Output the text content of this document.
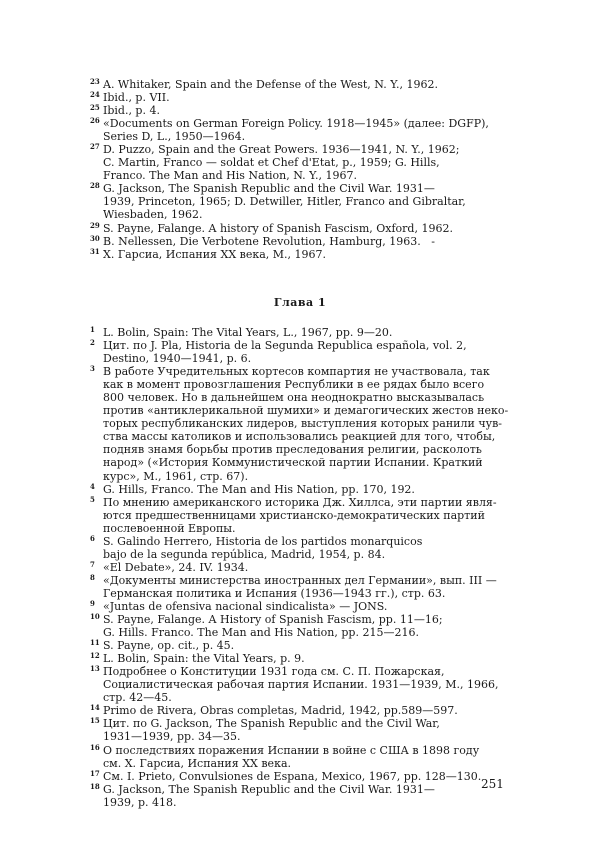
23 A. Whitaker, Spain and the Defense of the West, N. Y., 1962.
24 Ibid., p. VII.
25 Ibid., p. 4.
26 «Documents on German Foreign Policy. 1918—1945» (далее: DGFP),
Series D, L., 1950—1964.
27 D. Puzzo, Spain and the Great Powers. 1936—1941, N. Y., 1962;
C. Martin, Franco — soldat et Chef d'Etat, p., 1959; G. Hills,
Franco. The Man and His Nation, N. Y., 1967.
28 G. Jackson, The Spanish Republic and the Civil War. 1931—
1939, Princeton, 1965; D. Detwiller, Hitler, Franco and Gibraltar,
Wiesbaden, 1962.
29 S. Payne, Falange. A history of Spanish Fascism, Oxford, 1962.
30 B. Nellessen, Die Verbotene Revolution, Hamburg, 1963.   -
31 Х. Гарсиа, Испания XX века, М., 1967.
Глава 1
1 L. Bolin, Spain: The Vital Years, L., 1967, pp. 9—20.
2 Цит. по J. Pla, Historia de la Segunda Republica española, vol. 2,
Destino, 1940—1941, p. 6.
3 В работе Учредительных кортесов компартия не участвовала, так
как в момент провозглашения Республики в ее рядах было всего
800 человек. Но в дальнейшем она неоднократно высказывалась
против «антиклерикальной шумихи» и демагогических жестов неко-
торых республиканских лидеров, выступления которых ранили чув-
ства массы католиков и использовались реакцией для того, чтобы,
подняв знамя борьбы против преследования религии, расколоть
народ» («История Коммунистической партии Испании. Краткий
курс», М., 1961, стр. 67).
4 G. Hills, Franco. The Man and His Nation, pp. 170, 192.
5 По мнению американского историка Дж. Хиллса, эти партии явля-
ются предшественницами христианско-демократических партий
послевоенной Европы.
6 S. Galindo Herrero, Historia de los partidos monarquicos
bajo de la segunda república, Madrid, 1954, p. 84.
7 «El Debate», 24. IV. 1934.
8 «Документы министерства иностранных дел Германии», вып. III —
Германская политика и Испания (1936—1943 гг.), стр. 63.
9 «Juntas de ofensiva nacional sindicalista» — JONS.
10 S. Payne, Falange. A History of Spanish Fascism, pp. 11—16;
G. Hills. Franco. The Man and His Nation, pp. 215—216.
11 S. Payne, op. cit., p. 45.
12 L. Bolin, Spain: the Vital Years, p. 9.
13 Подробнее о Конституции 1931 года см. С. П. Пожарская,
Социалистическая рабочая партия Испании. 1931—1939, М., 1966,
стр. 42—45.
14 Primo de Rivera, Obras completas, Madrid, 1942, pp.589—597.
15 Цит. по G. Jackson, The Spanish Republic and the Civil War,
1931—1939, pp. 34—35.
16 О последствиях поражения Испании в войне с США в 1898 году
см. Х. Гарсиа, Испания XX века.
17 См. I. Prieto, Convulsiones de Espana, Mexico, 1967, pp. 128—130.
18 G. Jackson, The Spanish Republic and the Civil War. 1931—
1939, p. 418.
251
